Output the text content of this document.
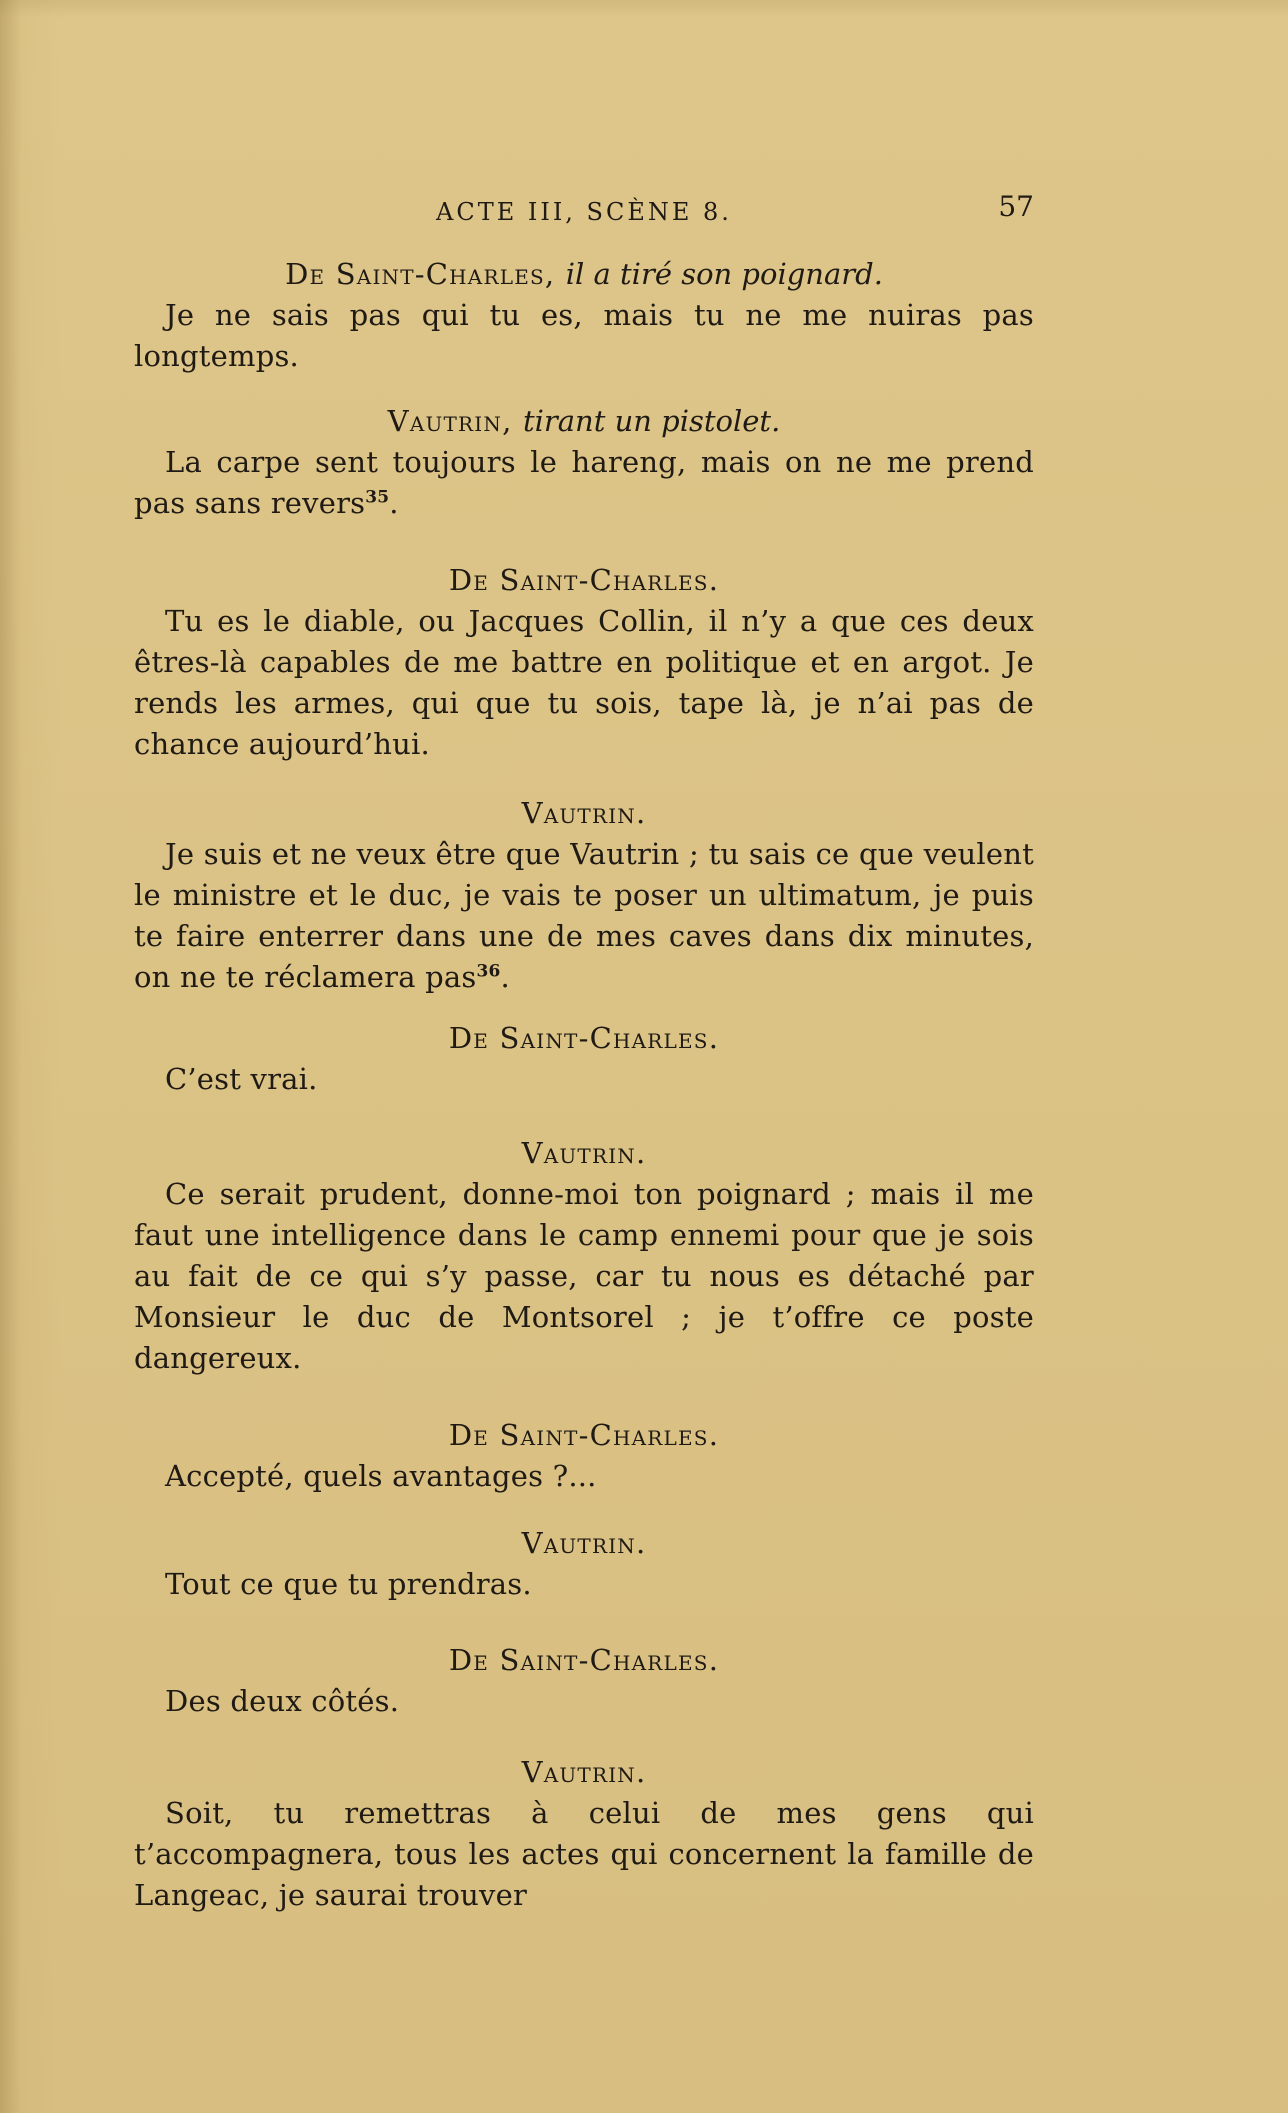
ACTE III, SCÈNE 8.	57

De Saint-Charles, il a tiré son poignard.

Je ne sais pas qui tu es, mais tu ne me nuiras pas longtemps.

Vautrin, tirant un pistolet.

La carpe sent toujours le hareng, mais on ne me prend pas sans revers$^{35}$.

De Saint-Charles.

Tu es le diable, ou Jacques Collin, il n’y a que ces deux êtres-là capables de me battre en politique et en argot. Je rends les armes, qui que tu sois, tape là, je n’ai pas de chance aujourd’hui.

Vautrin.

Je suis et ne veux être que Vautrin ; tu sais ce que veulent le ministre et le duc, je vais te poser un ultimatum, je puis te faire enterrer dans une de mes caves dans dix minutes, on ne te réclamera pas$^{36}$.

De Saint-Charles.

C’est vrai.

Vautrin.

Ce serait prudent, donne-moi ton poignard ; mais il me faut une intelligence dans le camp ennemi pour que je sois au fait de ce qui s’y passe, car tu nous es détaché par Monsieur le duc de Montsorel ; je t’offre ce poste dangereux.

De Saint-Charles.

Accepté, quels avantages ?...

Vautrin.

Tout ce que tu prendras.

De Saint-Charles.

Des deux côtés.

Vautrin.

Soit, tu remettras à celui de mes gens qui t’accompagnera, tous les actes qui concernent la famille de Langeac, je saurai trouver
